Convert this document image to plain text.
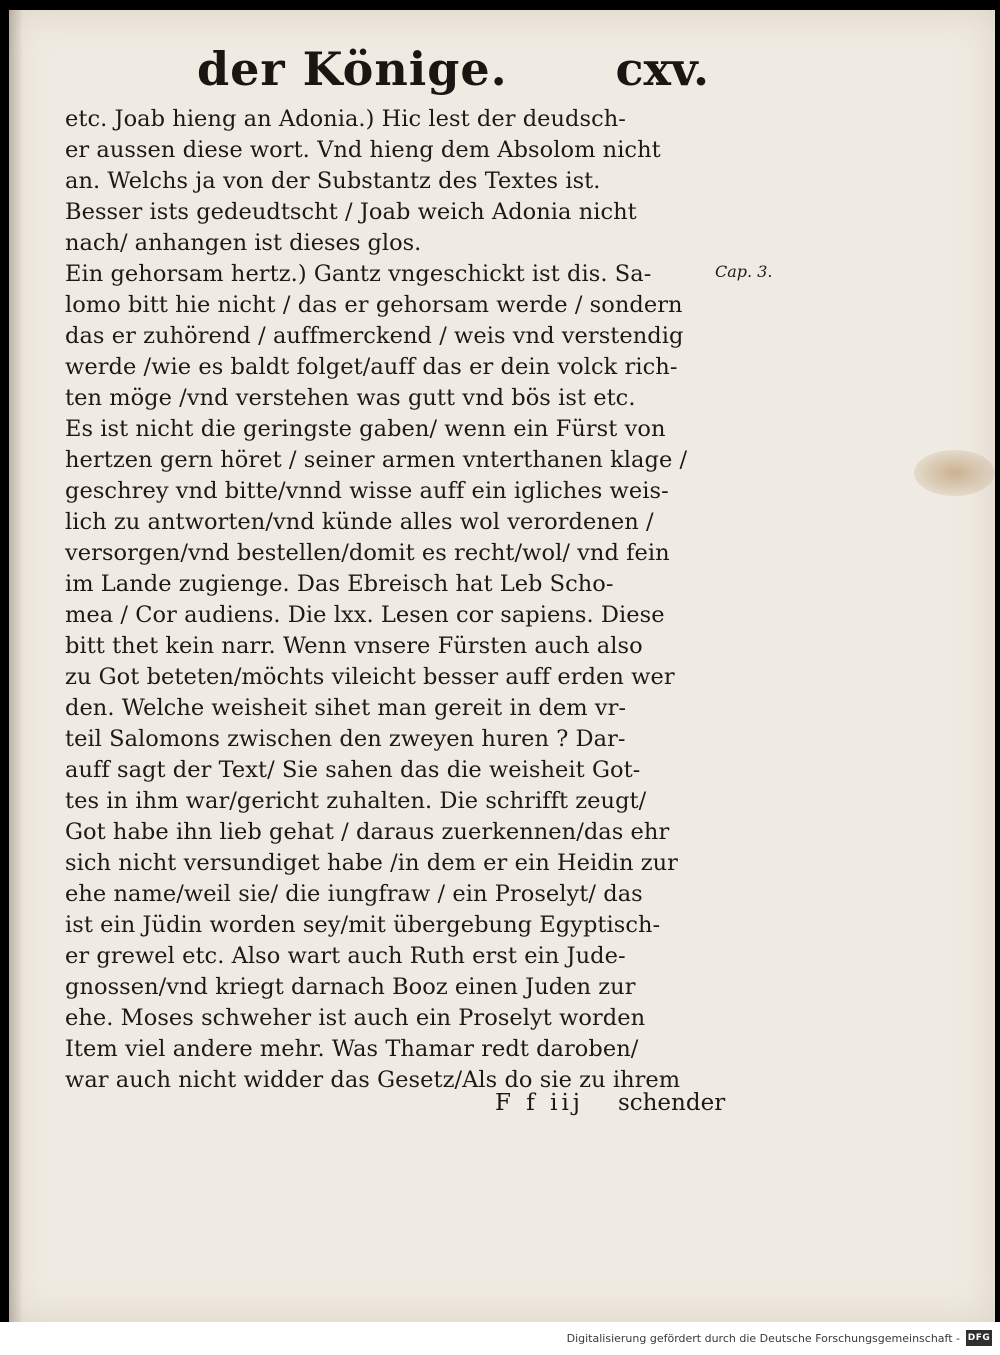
der Könige. cxv.
etc. Joab hieng an Adonia.) Hic lest der deudsch-
er aussen diese wort. Vnd hieng dem Absolom nicht
an. Welchs ja von der Substantz des Textes ist.
Besser ists gedeudtscht / Joab weich Adonia nicht
nach/ anhangen ist dieses glos.
Ein gehorsam hertz.) Gantz vngeschickt ist dis. Sa-
lomo bitt hie nicht / das er gehorsam werde / sondern
das er zuhörend / auffmerckend / weis vnd verstendig
werde /wie es baldt folget/auff das er dein volck rich-
ten möge /vnd verstehen was gutt vnd bös ist etc.
Es ist nicht die geringste gaben/ wenn ein Fürst von
hertzen gern höret / seiner armen vnterthanen klage /
geschrey vnd bitte/vnnd wisse auff ein igliches weis-
lich zu antworten/vnd künde alles wol verordenen /
versorgen/vnd bestellen/domit es recht/wol/ vnd fein
im Lande zugienge. Das Ebreisch hat Leb Scho-
mea / Cor audiens. Die lxx. Lesen cor sapiens. Diese
bitt thet kein narr. Wenn vnsere Fürsten auch also
zu Got beteten/möchts vileicht besser auff erden wer
den. Welche weisheit sihet man gereit in dem vr-
teil Salomons zwischen den zweyen huren ? Dar-
auff sagt der Text/ Sie sahen das die weisheit Got-
tes in ihm war/gericht zuhalten. Die schrifft zeugt/
Got habe ihn lieb gehat / daraus zuerkennen/das ehr
sich nicht versundiget habe /in dem er ein Heidin zur
ehe name/weil sie/ die iungfraw / ein Proselyt/ das
ist ein Jüdin worden sey/mit übergebung Egyptisch-
er grewel etc. Also wart auch Ruth erst ein Jude-
gnossen/vnd kriegt darnach Booz einen Juden zur
ehe. Moses schweher ist auch ein Proselyt worden
Item viel andere mehr. Was Thamar redt daroben/
war auch nicht widder das Gesetz/Als do sie zu ihrem
Cap. 3.
F f iij schender
Digitalisierung gefördert durch die Deutsche Forschungsgemeinschaft - DFG
